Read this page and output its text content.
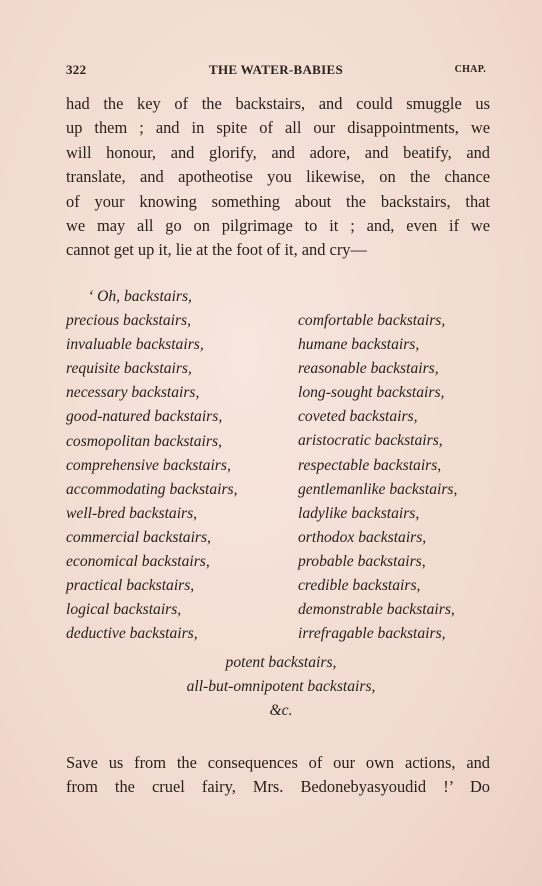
322	THE WATER-BABIES	CHAP.
had the key of the backstairs, and could smuggle us
up them ; and in spite of all our disappointments, we
will honour, and glorify, and adore, and beatify, and
translate, and apotheotise you likewise, on the chance
of your knowing something about the backstairs, that
we may all go on pilgrimage to it ; and, even if we
cannot get up it, lie at the foot of it, and cry—
‘ Oh, backstairs,
precious backstairs,
invaluable backstairs,
requisite backstairs,
necessary backstairs,
good-natured backstairs,
cosmopolitan backstairs,
comprehensive backstairs,
accommodating backstairs,
well-bred backstairs,
commercial backstairs,
economical backstairs,
practical backstairs,
logical backstairs,
deductive backstairs,
comfortable backstairs,
humane backstairs,
reasonable backstairs,
long-sought backstairs,
coveted backstairs,
aristocratic backstairs,
respectable backstairs,
gentlemanlike backstairs,
ladylike backstairs,
orthodox backstairs,
probable backstairs,
credible backstairs,
demonstrable backstairs,
irrefragable backstairs,
potent backstairs,
all-but-omnipotent backstairs,
&c.
Save us from the consequences of our own actions, and
from the cruel fairy, Mrs. Bedonebyasyoudid !’ Do
